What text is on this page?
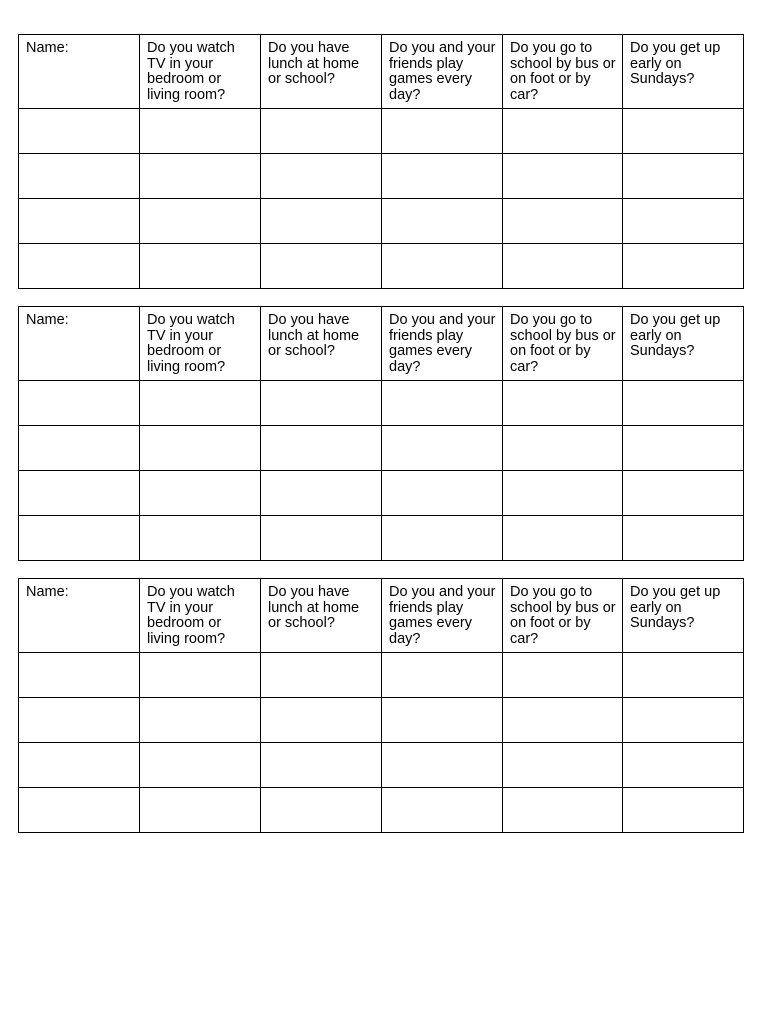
Name:	Do you watch TV in your bedroom or living room?	Do you have lunch at home or school?	Do you and your friends play games every day?	Do you go to school by bus or on foot or by car?	Do you get up early on Sundays?

Name:	Do you watch TV in your bedroom or living room?	Do you have lunch at home or school?	Do you and your friends play games every day?	Do you go to school by bus or on foot or by car?	Do you get up early on Sundays?

Name:	Do you watch TV in your bedroom or living room?	Do you have lunch at home or school?	Do you and your friends play games every day?	Do you go to school by bus or on foot or by car?	Do you get up early on Sundays?
